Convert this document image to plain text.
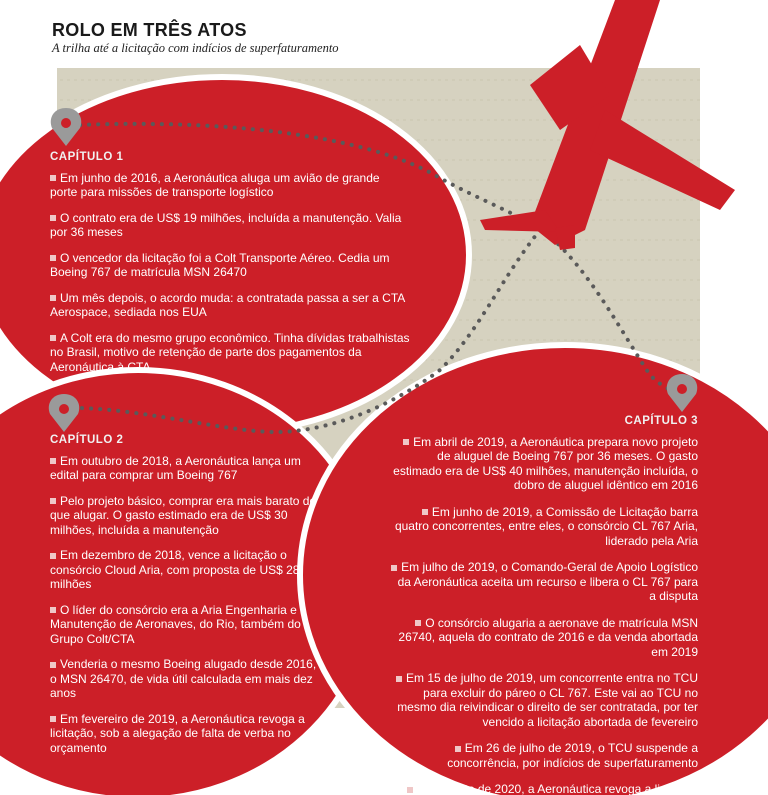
ROLO EM TRÊS ATOS

A trilha até a licitação com indícios de superfaturamento

CAPÍTULO 1
Em junho de 2016, a Aeronáutica aluga um avião de grande porte para missões de transporte logístico
O contrato era de US$ 19 milhões, incluída a manutenção. Valia por 36 meses
O vencedor da licitação foi a Colt Transporte Aéreo. Cedia um Boeing 767 de matrícula MSN 26470
Um mês depois, o acordo muda: a contratada passa a ser a CTA Aerospace, sediada nos EUA
A Colt era do mesmo grupo econômico. Tinha dívidas trabalhistas no Brasil, motivo de retenção de parte dos pagamentos da Aeronáutica à CTA
CAPÍTULO 2
Em outubro de 2018, a Aeronáutica lança um edital para comprar um Boeing 767
Pelo projeto básico, comprar era mais barato do que alugar. O gasto estimado era de US$ 30 milhões, incluída a manutenção
Em dezembro de 2018, vence a licitação o consórcio Cloud Aria, com proposta de US$ 28 milhões
O líder do consórcio era a Aria Engenharia e Manutenção de Aeronaves, do Rio, também do Grupo Colt/CTA
Venderia o mesmo Boeing alugado desde 2016, o MSN 26470, de vida útil calculada em mais dez anos
Em fevereiro de 2019, a Aeronáutica revoga a licitação, sob a alegação de falta de verba no orçamento
CAPÍTULO 3
Em abril de 2019, a Aeronáutica prepara novo projeto de aluguel de Boeing 767 por 36 meses. O gasto estimado era de US$ 40 milhões, manutenção incluída, o dobro de aluguel idêntico em 2016
Em junho de 2019, a Comissão de Licitação barra quatro concorrentes, entre eles, o consórcio CL 767 Aria, liderado pela Aria
Em julho de 2019, o Comando-Geral de Apoio Logístico da Aeronáutica aceita um recurso e libera o CL 767 para a disputa
O consórcio alugaria a aeronave de matrícula MSN 26740, aquela do contrato de 2016 e da venda abortada em 2019
Em 15 de julho de 2019, um concorrente entra no TCU para excluir do páreo o CL 767. Este vai ao TCU no mesmo dia reivindicar o direito de ser contratada, por ter vencido a licitação abortada de fevereiro
Em 26 de julho de 2019, o TCU suspende a concorrência, por indícios de superfaturamento
Em agosto de 2020, a Aeronáutica revoga a licitação
